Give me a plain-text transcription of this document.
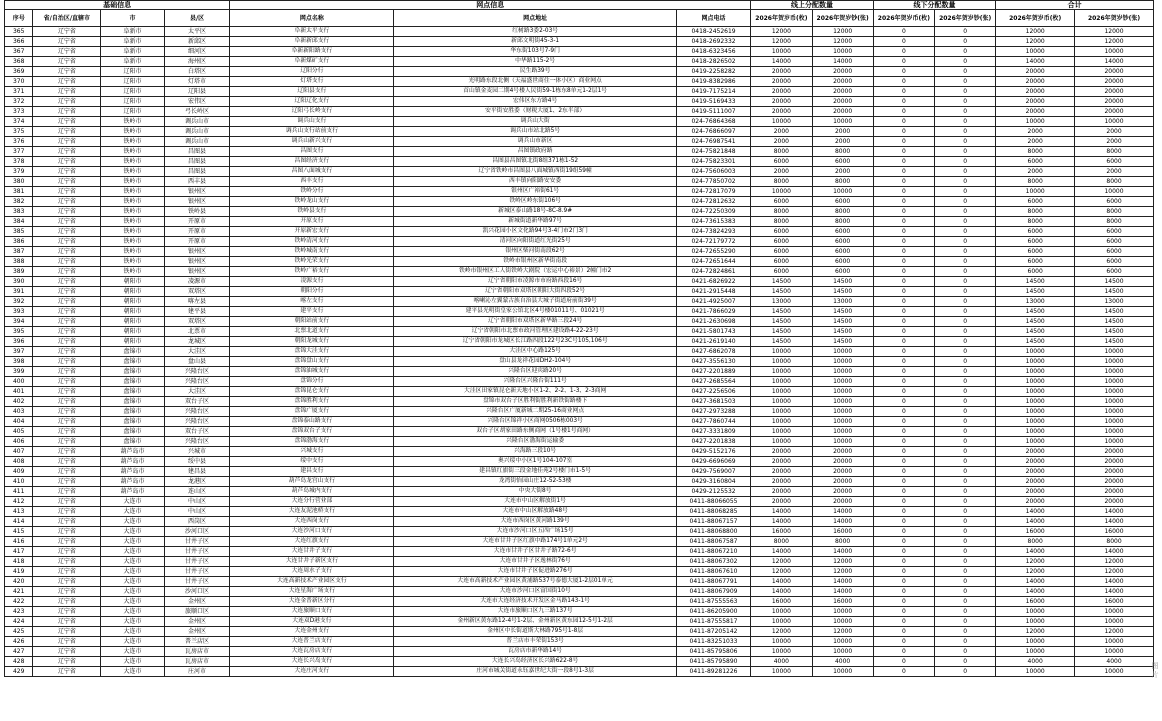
基础信息				网点信息			线上分配数量		线下分配数量		合计	
序号	省/自治区/直辖市	市	县/区	网点名称	网点地址	网点电话	2026年贺岁币(枚)	2026年贺岁钞(张)	2026年贺岁币(枚)	2026年贺岁钞(张)	2026年贺岁币(枚)	2026年贺岁钞(张)
365	辽宁省	阜新市	太平区	阜新太平支行	红树路3委2-03号	0418-2452619	12000	12000	0	0	12000	12000
366	辽宁省	阜新市	新邱区	阜新新邱支行	新邱文明街45-3-1	0418-2692332	12000	12000	0	0	12000	12000
367	辽宁省	阜新市	细河区	阜新新阳路支行	华东街103号7-9门	0418-6323456	10000	10000	0	0	10000	10000
368	辽宁省	阜新市	海州区	阜新煤矿支行	中华路115-2号	0418-2826502	14000	14000	0	0	14000	14000
369	辽宁省	辽阳市	白塔区	辽阳分行	民生路39号	0419-2258282	20000	20000	0	0	20000	20000
370	辽宁省	辽阳市	灯塔市	灯塔支行	光明路东段北侧（天福盛世商住一体小区）商业网点	0419-8382986	20000	20000	0	0	20000	20000
371	辽宁省	辽阳市	辽阳县	辽阳县支行	首山镇金麦园二期4号楼人民街59-1栋东8单元1-2层1号	0419-7175214	20000	20000	0	0	20000	20000
372	辽宁省	辽阳市	宏伟区	辽阳辽化支行	宏伟区东方路4号	0419-5169433	20000	20000	0	0	20000	20000
373	辽宁省	辽阳市	弓长岭区	辽阳弓长岭支行	安平街安胜委（财税大厦1、2东半部）	0419-5111007	20000	20000	0	0	20000	20000
374	辽宁省	铁岭市	调兵山市	调兵山支行	调兵山大街	024-76864368	10000	10000	0	0	10000	10000
375	辽宁省	铁岭市	调兵山市	调兵山支行站前支行	调兵山市站北路5号	024-76866097	2000	2000	0	0	2000	2000
376	辽宁省	铁岭市	调兵山市	调兵山新兴支行	调兵山市新区	024-76987541	2000	2000	0	0	2000	2000
377	辽宁省	铁岭市	昌图县	昌图支行	昌图镇政府路	024-75821848	8000	8000	0	0	8000	8000
378	辽宁省	铁岭市	昌图县	昌图经济支行	昌图县昌图镇北街8组371栋1-52	024-75823301	6000	6000	0	0	6000	6000
379	辽宁省	铁岭市	昌图县	昌图八面城支行	辽宁省铁岭市昌图县八面城镇西街19组59幢	024-75606003	2000	2000	0	0	2000	2000
380	辽宁省	铁岭市	西丰县	西丰支行	西丰镇向阳路安安委	024-77850702	8000	8000	0	0	8000	8000
381	辽宁省	铁岭市	银州区	铁岭分行	银州区广裕街61号	024-72817079	10000	10000	0	0	10000	10000
382	辽宁省	铁岭市	银州区	铁岭龙山支行	铁岭区岭东街106号	024-72812632	6000	6000	0	0	6000	6000
383	辽宁省	铁岭市	铁岭县	铁岭县支行	新城区泰山路18号-8C-8.9#	024-72250309	8000	8000	0	0	8000	8000
384	辽宁省	铁岭市	开原市	开原支行	新城街道新华路97号	024-73615383	8000	8000	0	0	8000	8000
385	辽宁省	铁岭市	开原市	开原新宏支行	凯兴花园小区文化路94号3-4门市2门3门	024-73824293	6000	6000	0	0	6000	6000
386	辽宁省	铁岭市	开原市	铁岭清河支行	清河区向阳街道红光街25号	024-72179772	6000	6000	0	0	6000	6000
387	辽宁省	铁岭市	银州区	铁岭城南支行	银州区柴河街南段62号	024-72655290	6000	6000	0	0	6000	6000
388	辽宁省	铁岭市	银州区	铁岭光荣支行	铁岭市银州区新华街南段	024-72651644	6000	6000	0	0	6000	6000
389	辽宁省	铁岭市	银州区	铁岭广裕支行	铁岭市银州区工人街铁岭大剧院（宏运中心裕景）2幢门市2	024-72824861	6000	6000	0	0	6000	6000
390	辽宁省	朝阳市	凌源市	凌源支行	辽宁省朝阳市凌源市市府路西段16号	0421-6826922	14500	14500	0	0	14500	14500
391	辽宁省	朝阳市	双塔区	朝阳分行	辽宁省朝阳市双塔区朝阳大街四段52号	0421-2915448	14500	14500	0	0	14500	14500
392	辽宁省	朝阳市	喀左县	喀左支行	喀喇沁左翼蒙古族自治县大城子街道府前街39号	0421-4925007	13000	13000	0	0	13000	13000
393	辽宁省	朝阳市	建平县	建平支行	建平县光明街皇家公馆北区4号楼01011号、01021号	0421-7866029	14500	14500	0	0	14500	14500
394	辽宁省	朝阳市	双塔区	朝阳站前支行	辽宁省朝阳市双塔区新华路三段24号	0421-2630698	14500	14500	0	0	14500	14500
395	辽宁省	朝阳市	北票市	北票北道支行	辽宁省朝阳市北票市政河管理区建设路4-22-23号	0421-5801743	14500	14500	0	0	14500	14500
396	辽宁省	朝阳市	龙城区	朝阳龙城支行	辽宁省朝阳市龙城区长江路四段122号23C号105,106号	0421-2619140	14500	14500	0	0	14500	14500
397	辽宁省	盘锦市	大洼区	盘锦大洼支行	大洼区中心路125号	0427-6862078	10000	10000	0	0	10000	10000
398	辽宁省	盘锦市	盘山县	盘锦盘山支行	盘山县龙祥花园DH2-104号	0427-3556130	10000	10000	0	0	10000	10000
399	辽宁省	盘锦市	兴隆台区	盘锦油城支行	兴隆台区迎宾路20号	0427-2201889	10000	10000	0	0	10000	10000
400	辽宁省	盘锦市	兴隆台区	盘锦分行	兴隆台区兴隆台街111号	0427-2685564	10000	10000	0	0	10000	10000
401	辽宁省	盘锦市	大洼区	盘锦昆仑支行	大洼区田家镇昆仑新天地小区1-2、2-2、1-3、2-3商网	0427-2256506	10000	10000	0	0	10000	10000
402	辽宁省	盘锦市	双台子区	盘锦胜利支行	盘锦市双台子区胜利街胜利新铁街路楼下	0427-3681503	10000	10000	0	0	10000	10000
403	辽宁省	盘锦市	兴隆台区	盘锦广厦支行	兴隆台区广厦新城二期25-16商业网点	0427-2973288	10000	10000	0	0	10000	10000
404	辽宁省	盘锦市	兴隆台区	盘锦泰山路支行	兴隆台区锦祥小区商网0506栋003号	0427-7860744	10000	10000	0	0	10000	10000
405	辽宁省	盘锦市	双台子区	盘锦双台子支行	双台子区胡家田路东侧商网（1号楼1号商网）	0427-3331809	10000	10000	0	0	10000	10000
406	辽宁省	盘锦市	兴隆台区	盘锦渤海支行	兴隆台区渤海街运输委	0427-2201838	10000	10000	0	0	10000	10000
407	辽宁省	葫芦岛市	兴城市	兴城支行	兴海路三段10号	0429-5152176	20000	20000	0	0	20000	20000
408	辽宁省	葫芦岛市	绥中县	绥中支行	奥兴绥中小区1号104-107室	0429-6696069	20000	20000	0	0	20000	20000
409	辽宁省	葫芦岛市	建昌县	建昌支行	建昌镇红旗街三段金地佳苑2号楼门市1-5号	0429-7569007	20000	20000	0	0	20000	20000
410	辽宁省	葫芦岛市	龙港区	葫芦岛龙宫山支行	龙湾街怡园山庄12-52-53楼	0429-3160804	20000	20000	0	0	20000	20000
411	辽宁省	葫芦岛市	连山区	葫芦岛城内支行	中央大街8号	0429-2125532	20000	20000	0	0	20000	20000
412	辽宁省	大连市	中山区	大连分行营业部	大连市中山区解放街1号	0411-88066055	20000	20000	0	0	20000	20000
413	辽宁省	大连市	中山区	大连友泥池桥支行	大连市中山区解放路48号	0411-88068285	14000	14000	0	0	14000	14000
414	辽宁省	大连市	西岗区	大连西岗支行	大连市西岗区黄河路139号	0411-88067157	14000	14000	0	0	14000	14000
415	辽宁省	大连市	沙河口区	大连沙河口支行	大连市沙河口区五四广场15号	0411-88068800	16000	16000	0	0	16000	16000
416	辽宁省	大连市	甘井子区	大连红旗支行	大连市甘井子区红旗中路174号1单元2号	0411-88067587	8000	8000	0	0	8000	8000
417	辽宁省	大连市	甘井子区	大连甘井子支行	大连市甘井子区甘井子路72-6号	0411-88067210	14000	14000	0	0	14000	14000
418	辽宁省	大连市	甘井子区	大连甘井子新区支行	大连市甘井子区逸林街76号	0411-88067302	12000	12000	0	0	12000	12000
419	辽宁省	大连市	甘井子区	大连周水子支行	大连市甘井子区促进路276号	0411-88067610	12000	12000	0	0	12000	12000
420	辽宁省	大连市	甘井子区	大连高新技术产业园区支行	大连市高新技术产业园区黄浦路537号泰德大厦1-2层01单元	0411-88067791	14000	14000	0	0	14000	14000
421	辽宁省	大连市	沙河口区	大连星海广场支行	大连市沙河口区富国街10号	0411-88067909	14000	14000	0	0	14000	14000
422	辽宁省	大连市	金州区	大连金普新区分行	大连市大连经济技术开发区金马路143-1号	0411-87555563	16000	16000	0	0	16000	16000
423	辽宁省	大连市	旅顺口区	大连旅顺口支行	大连市旅顺口区九三路137号	0411-86205900	10000	10000	0	0	10000	10000
424	辽宁省	大连市	金州区	大连双D港支行	金州新区黄东路12-4号1-2层、金州新区黄东园12-5号1-2层	0411-87555817	10000	10000	0	0	10000	10000
425	辽宁省	大连市	金州区	大连金州支行	金州区中长街道斯大林路795号1-8层	0411-87205142	12000	12000	0	0	12000	12000
426	辽宁省	大连市	普兰店区	大连普兰店支行	普兰店市丰荣街153号	0411-83251033	10000	10000	0	0	10000	10000
427	辽宁省	大连市	瓦房店市	大连瓦房店支行	瓦房店市新华路14号	0411-85795806	10000	10000	0	0	10000	10000
428	辽宁省	大连市	瓦房店市	大连长兴岛支行	大连长兴岛经济区长兴路622-8号	0411-85795890	4000	4000	0	0	4000	4000
429	辽宁省	大连市	庄河市	大连庄河支行	庄河市城关街道永钰嘉世纪大街一段8号1-3层	0411-89281226	10000	10000	0	0	10000	10000
图片
